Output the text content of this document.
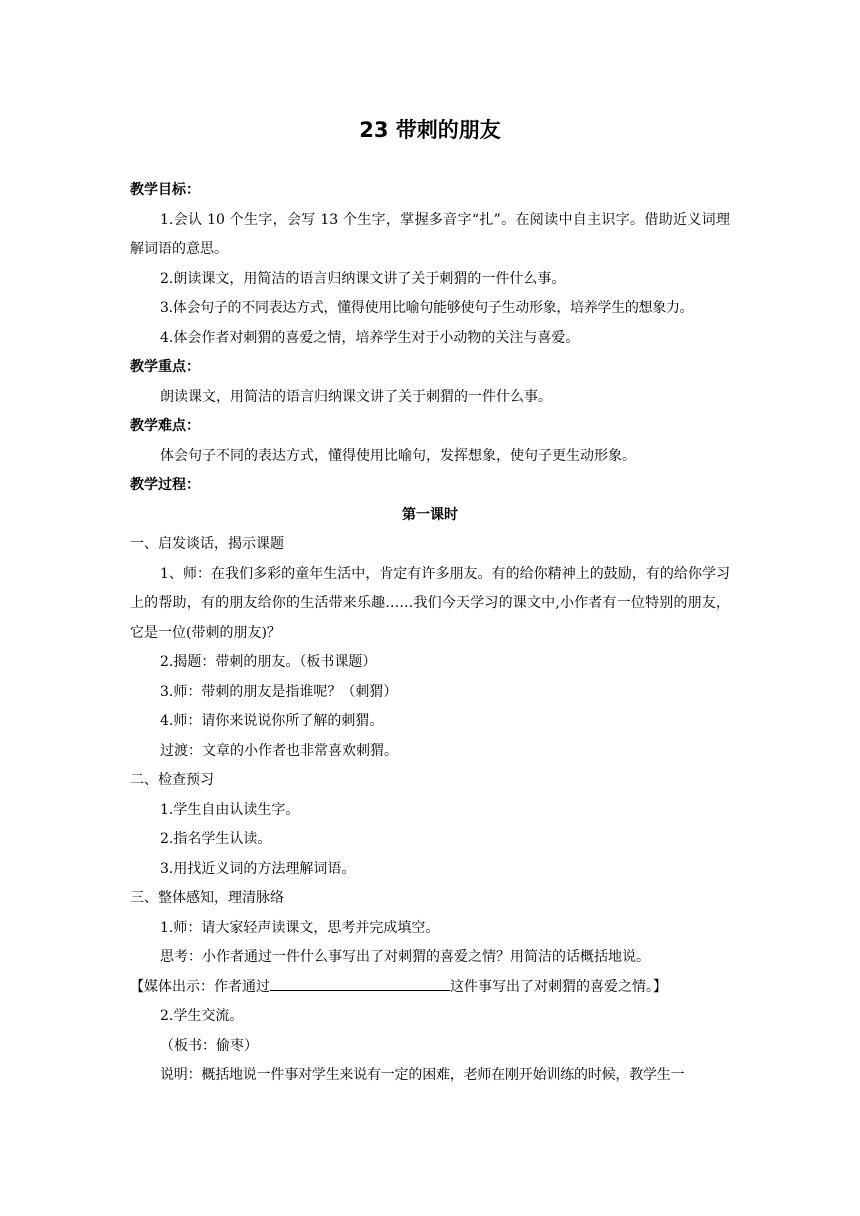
23 带刺的朋友

教学目标：

1.会认 10 个生字，会写 13 个生字，掌握多音字“扎”。在阅读中自主识字。借助近义词理解词语的意思。

2.朗读课文，用简洁的语言归纳课文讲了关于刺猬的一件什么事。

3.体会句子的不同表达方式，懂得使用比喻句能够使句子生动形象，培养学生的想象力。

4.体会作者对刺猬的喜爱之情，培养学生对于小动物的关注与喜爱。

教学重点：

朗读课文，用简洁的语言归纳课文讲了关于刺猬的一件什么事。

教学难点：

体会句子不同的表达方式，懂得使用比喻句，发挥想象，使句子更生动形象。

教学过程：

第一课时

一、启发谈话，揭示课题

1、师：在我们多彩的童年生活中，肯定有许多朋友。有的给你精神上的鼓励，有的给你学习上的帮助，有的朋友给你的生活带来乐趣……我们今天学习的课文中,小作者有一位特别的朋友，它是一位(带刺的朋友)？

2.揭题：带刺的朋友。（板书课题）

3.师：带刺的朋友是指谁呢？（刺猬）

4.师：请你来说说你所了解的刺猬。

过渡：文章的小作者也非常喜欢刺猬。

二、检查预习

1.学生自由认读生字。

2.指名学生认读。

3.用找近义词的方法理解词语。

三、整体感知，理清脉络

1.师：请大家轻声读课文，思考并完成填空。

思考：小作者通过一件什么事写出了对刺猬的喜爱之情？用简洁的话概括地说。

【媒体出示：作者通过	这件事写出了对刺猬的喜爱之情。】

2.学生交流。

（板书：偷枣）

说明：概括地说一件事对学生来说有一定的困难，老师在刚开始训练的时候，教学生一
